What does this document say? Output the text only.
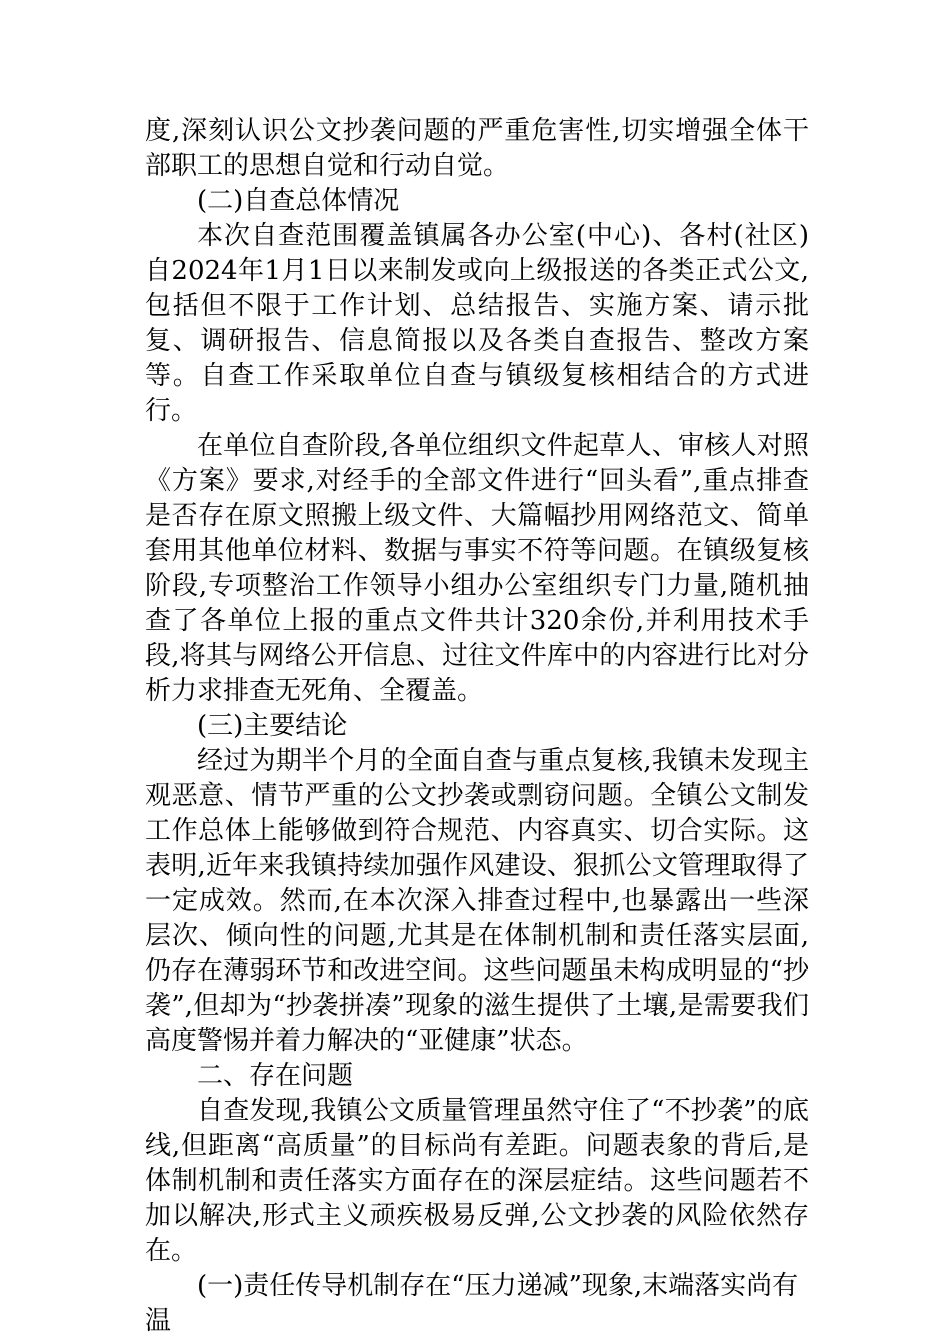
度,深刻认识公文抄袭问题的严重危害性,切实增强全体干部职工的思想自觉和行动自觉。

(二)自查总体情况

本次自查范围覆盖镇属各办公室(中心)、各村(社区)自2024年1月1日以来制发或向上级报送的各类正式公文,包括但不限于工作计划、总结报告、实施方案、请示批复、调研报告、信息简报以及各类自查报告、整改方案等。自查工作采取单位自查与镇级复核相结合的方式进行。

在单位自查阶段,各单位组织文件起草人、审核人对照《方案》要求,对经手的全部文件进行“回头看”,重点排查是否存在原文照搬上级文件、大篇幅抄用网络范文、简单套用其他单位材料、数据与事实不符等问题。在镇级复核阶段,专项整治工作领导小组办公室组织专门力量,随机抽查了各单位上报的重点文件共计320余份,并利用技术手段,将其与网络公开信息、过往文件库中的内容进行比对分析力求排查无死角、全覆盖。

(三)主要结论

经过为期半个月的全面自查与重点复核,我镇未发现主观恶意、情节严重的公文抄袭或剽窃问题。全镇公文制发工作总体上能够做到符合规范、内容真实、切合实际。这表明,近年来我镇持续加强作风建设、狠抓公文管理取得了一定成效。然而,在本次深入排查过程中,也暴露出一些深层次、倾向性的问题,尤其是在体制机制和责任落实层面,仍存在薄弱环节和改进空间。这些问题虽未构成明显的“抄袭”,但却为“抄袭拼凑”现象的滋生提供了土壤,是需要我们高度警惕并着力解决的“亚健康”状态。

二、存在问题

自查发现,我镇公文质量管理虽然守住了“不抄袭”的底线,但距离“高质量”的目标尚有差距。问题表象的背后,是体制机制和责任落实方面存在的深层症结。这些问题若不加以解决,形式主义顽疾极易反弹,公文抄袭的风险依然存在。

(一)责任传导机制存在“压力递减”现象,末端落实尚有温
